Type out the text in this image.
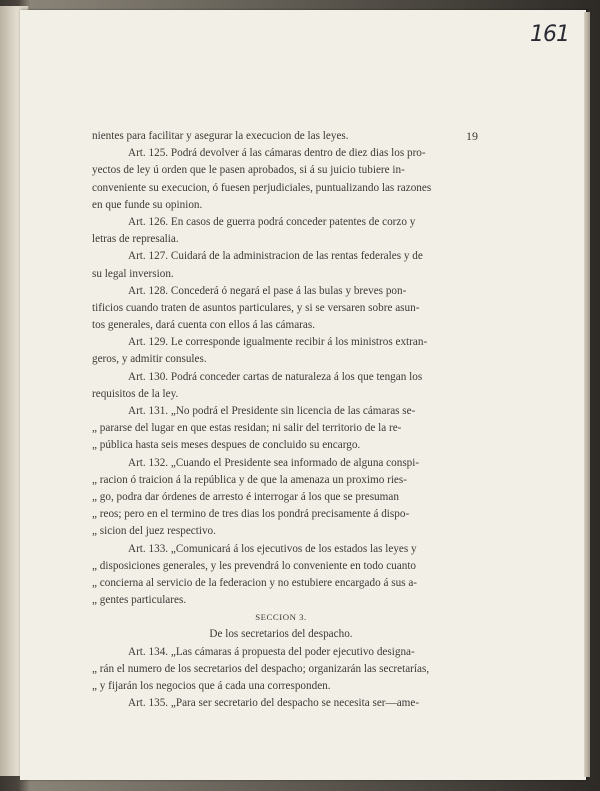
161
19
nientes para facilitar y asegurar la execucion de las leyes.
Art. 125. Podrá devolver á las cámaras dentro de diez dias los pro-
yectos de ley ú orden que le pasen aprobados, si á su juicio tubiere in-
conveniente su execucion, ó fuesen perjudiciales, puntualizando las razones
en que funde su opinion.
Art. 126. En casos de guerra podrá conceder patentes de corzo y
letras de represalia.
Art. 127. Cuidará de la administracion de las rentas federales y de
su legal inversion.
Art. 128. Concederá ó negará el pase á las bulas y breves pon-
tificios cuando traten de asuntos particulares, y si se versaren sobre asun-
tos generales, dará cuenta con ellos á las cámaras.
Art. 129. Le corresponde igualmente recibir á los ministros extran-
geros, y admitir consules.
Art. 130. Podrá conceder cartas de naturaleza á los que tengan los
requisitos de la ley.
Art. 131. „No podrá el Presidente sin licencia de las cámaras se-
„ pararse del lugar en que estas residan; ni salir del territorio de la re-
„ pública hasta seis meses despues de concluido su encargo.
Art. 132. „Cuando el Presidente sea informado de alguna conspi-
„ racion ó traicion á la república y de que la amenaza un proximo ries-
„ go, podra dar órdenes de arresto é interrogar á los que se presuman
„ reos; pero en el termino de tres dias los pondrá precisamente á dispo-
„ sicion del juez respectivo.
Art. 133. „Comunicará á los ejecutivos de los estados las leyes y
„ disposiciones generales, y les prevendrá lo conveniente en todo cuanto
„ concierna al servicio de la federacion y no estubiere encargado á sus a-
„ gentes particulares.
SECCION 3.
De los secretarios del despacho.
Art. 134. „Las cámaras á propuesta del poder ejecutivo designa-
„ rán el numero de los secretarios del despacho; organizarán las secretarías,
„ y fijarán los negocios que á cada una corresponden.
Art. 135. „Para ser secretario del despacho se necesita ser—ame-
